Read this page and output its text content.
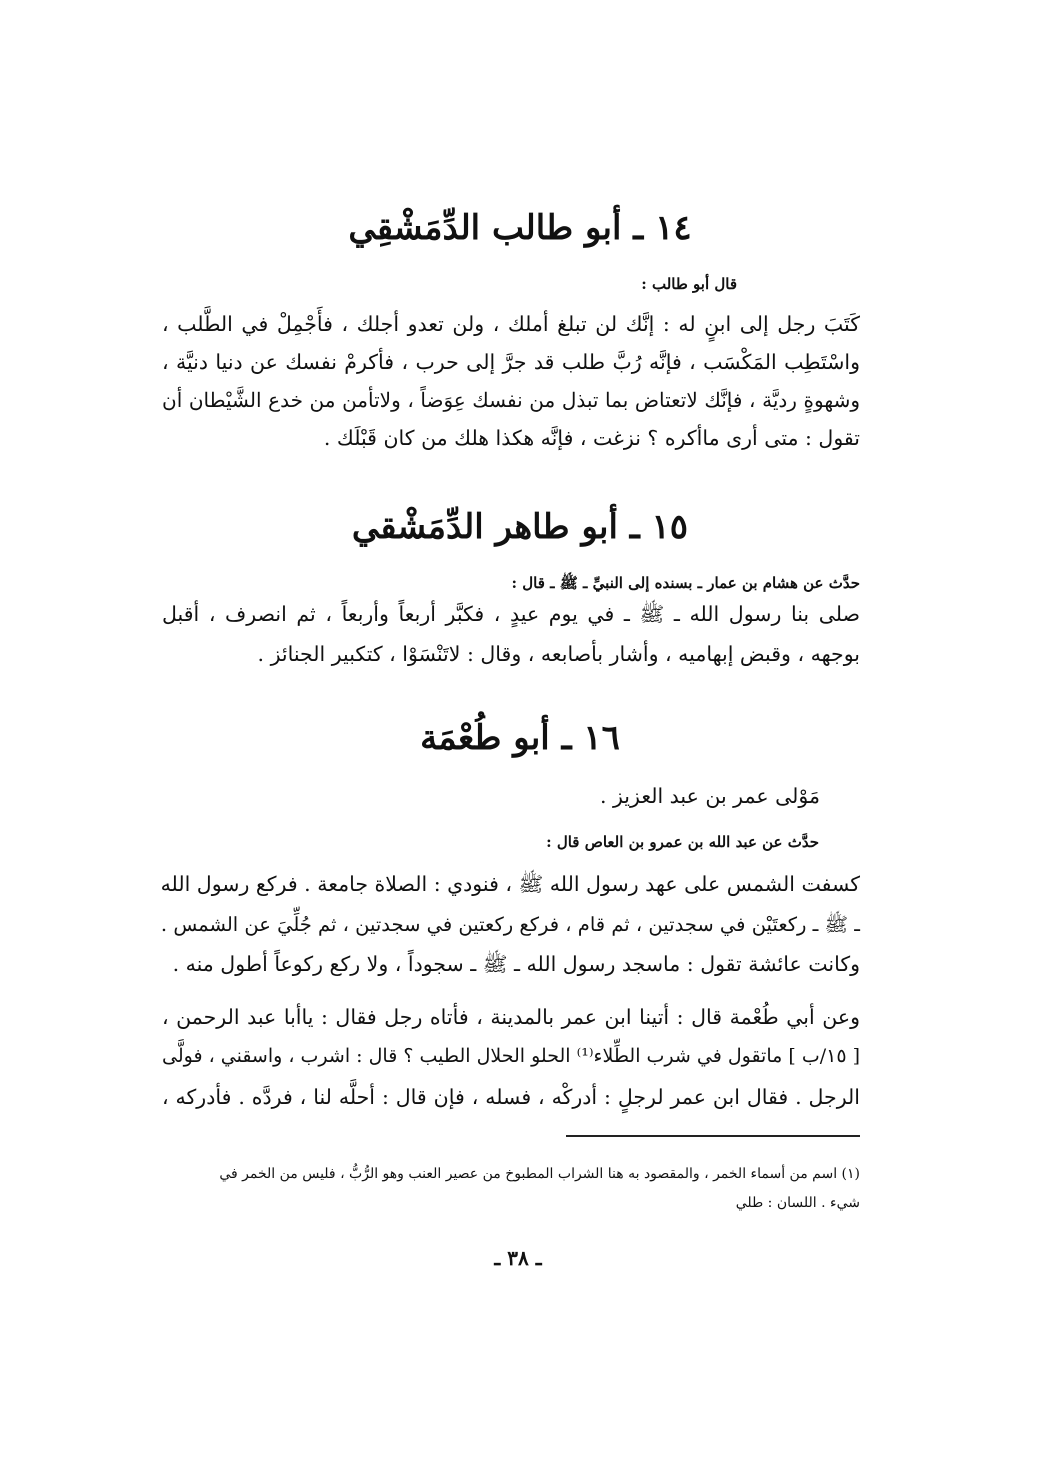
١٤ ـ أبو طالب الدِّمَشْقِي
قال أبو طالب :
كَتَبَ رجل إلى ابنٍ له : إنَّك لن تبلغ أملك ، ولن تعدو أجلك ، فأَجْمِلْ في الطَّلب ،
واسْتَطِب المَكْسَب ، فإنَّه رُبَّ طلب قد جرَّ إلى حرب ، فأكرمْ نفسك عن دنيا دنيَّة ،
وشهوةٍ رديَّة ، فإنَّك لاتعتاض بما تبذل من نفسك عِوَضاً ، ولاتأمن من خدع الشَّيْطان أن
تقول : متى أرى ماأكره ؟ نزغت ، فإنَّه هكذا هلك من كان قَبْلَك .
١٥ ـ أبو طاهر الدِّمَشْقي
حدَّث عن هشام بن عمار ـ بسنده إلى النبيِّ ـ ﷺ ـ قال :
صلى بنا رسول الله ـ ﷺ ـ في يوم عيدٍ ، فكبَّر أربعاً وأربعاً ، ثم انصرف ، أقبل
بوجهه ، وقبض إبهاميه ، وأشار بأصابعه ، وقال : لاتَنْسَوْا ، كتكبير الجنائز .
١٦ ـ أبو طُعْمَة
مَوْلى عمر بن عبد العزيز .
حدَّث عن عبد الله بن عمرو بن العاص قال :
كسفت الشمس على عهد رسول الله ﷺ ، فنودي : الصلاة جامعة . فركع رسول الله
ـ ﷺ ـ ركعتَيْن في سجدتين ، ثم قام ، فركع ركعتين في سجدتين ، ثم جُلِّيَ عن الشمس .
وكانت عائشة تقول : ماسجد رسول الله ـ ﷺ ـ سجوداً ، ولا ركع ركوعاً أطول منه .
وعن أبي طُعْمة قال : أتينا ابن عمر بالمدينة ، فأتاه رجل فقال : ياأبا عبد الرحمن ،
[ ١٥/ب ] ماتقول في شرب الطِّلاء⁽¹⁾ الحلو الحلال الطيب ؟ قال : اشرب ، واسقني ، فولَّى
الرجل . فقال ابن عمر لرجلٍ : أدركْه ، فسله ، فإن قال : أحلَّه لنا ، فردَّه . فأدركه ،
(١) اسم من أسماء الخمر ، والمقصود به هنا الشراب المطبوخ من عصير العنب وهو الرُّبُّ ، فليس من الخمر في
شيء . اللسان : طلي
ـ ٣٨ ـ
